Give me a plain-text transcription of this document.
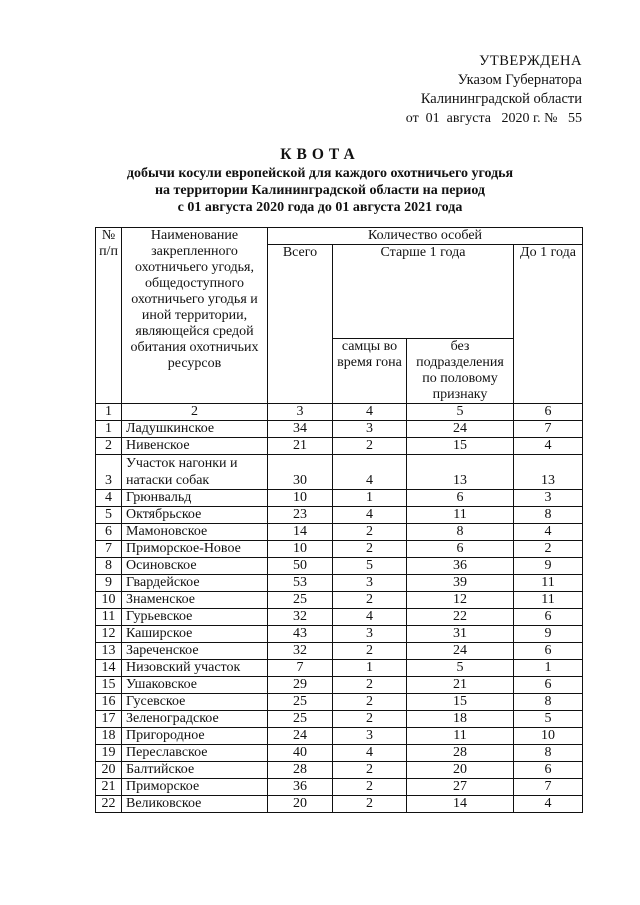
УТВЕРЖДЕНА
Указом Губернатора
Калининградской области
от  01  августа   2020 г. №   55
КВОТА
добычи косули европейской для каждого охотничьего угодья
на территории Калининградской области на период
с 01 августа 2020 года до 01 августа 2021 года
№ п/п	Наименование закрепленного охотничьего угодья, общедоступного охотничьего угодья и иной территории, являющейся средой обитания охотничьих ресурсов	Количество особей			
		Всего	Старше 1 года		До 1 года
			самцы во время гона	без подразделения по половому признаку	
1	2	3	4	5	6
1	Ладушкинское	34	3	24	7
2	Нивенское	21	2	15	4
3	Участок нагонки и натаски собак	30	4	13	13
4	Грюнвальд	10	1	6	3
5	Октябрьское	23	4	11	8
6	Мамоновское	14	2	8	4
7	Приморское-Новое	10	2	6	2
8	Осиновское	50	5	36	9
9	Гвардейское	53	3	39	11
10	Знаменское	25	2	12	11
11	Гурьевское	32	4	22	6
12	Каширское	43	3	31	9
13	Зареченское	32	2	24	6
14	Низовский участок	7	1	5	1
15	Ушаковское	29	2	21	6
16	Гусевское	25	2	15	8
17	Зеленоградское	25	2	18	5
18	Пригородное	24	3	11	10
19	Переславское	40	4	28	8
20	Балтийское	28	2	20	6
21	Приморское	36	2	27	7
22	Великовское	20	2	14	4
